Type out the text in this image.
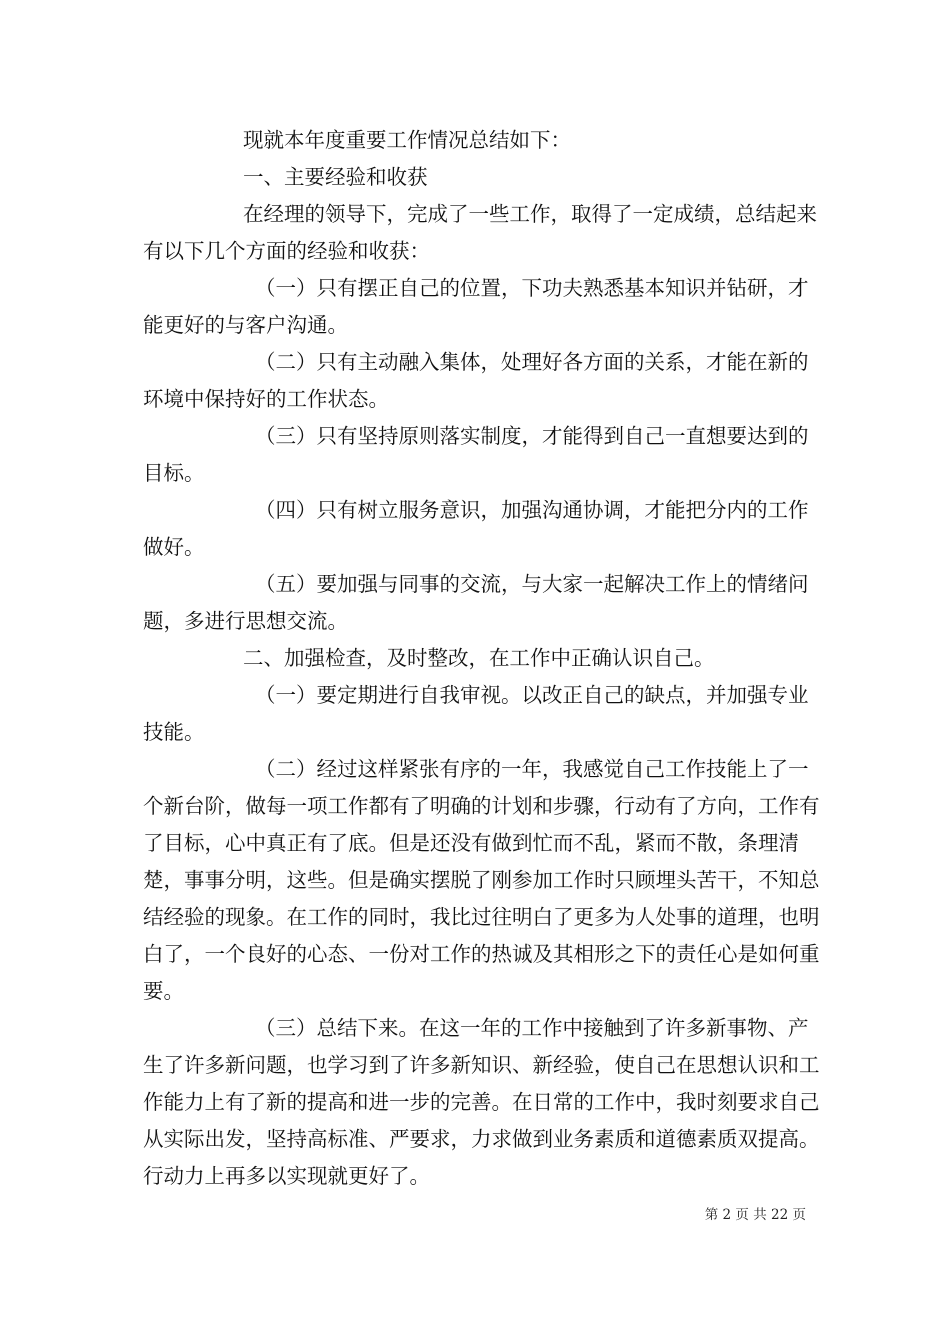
现就本年度重要工作情况总结如下：

一、主要经验和收获

在经理的领导下，完成了一些工作，取得了一定成绩，总结起来有以下几个方面的经验和收获：

（一）只有摆正自己的位置，下功夫熟悉基本知识并钻研，才能更好的与客户沟通。

（二）只有主动融入集体，处理好各方面的关系，才能在新的环境中保持好的工作状态。

（三）只有坚持原则落实制度，才能得到自己一直想要达到的目标。

（四）只有树立服务意识，加强沟通协调，才能把分内的工作做好。

（五）要加强与同事的交流，与大家一起解决工作上的情绪问题，多进行思想交流。

二、加强检查，及时整改，在工作中正确认识自己。

（一）要定期进行自我审视。以改正自己的缺点，并加强专业技能。

（二）经过这样紧张有序的一年，我感觉自己工作技能上了一个新台阶，做每一项工作都有了明确的计划和步骤，行动有了方向，工作有了目标，心中真正有了底。但是还没有做到忙而不乱，紧而不散，条理清楚，事事分明，这些。但是确实摆脱了刚参加工作时只顾埋头苦干，不知总结经验的现象。在工作的同时，我比过往明白了更多为人处事的道理，也明白了，一个良好的心态、一份对工作的热诚及其相形之下的责任心是如何重要。

（三）总结下来。在这一年的工作中接触到了许多新事物、产生了许多新问题，也学习到了许多新知识、新经验，使自己在思想认识和工作能力上有了新的提高和进一步的完善。在日常的工作中，我时刻要求自己从实际出发，坚持高标准、严要求，力求做到业务素质和道德素质双提高。行动力上再多以实现就更好了。

第 2 页 共 22 页
